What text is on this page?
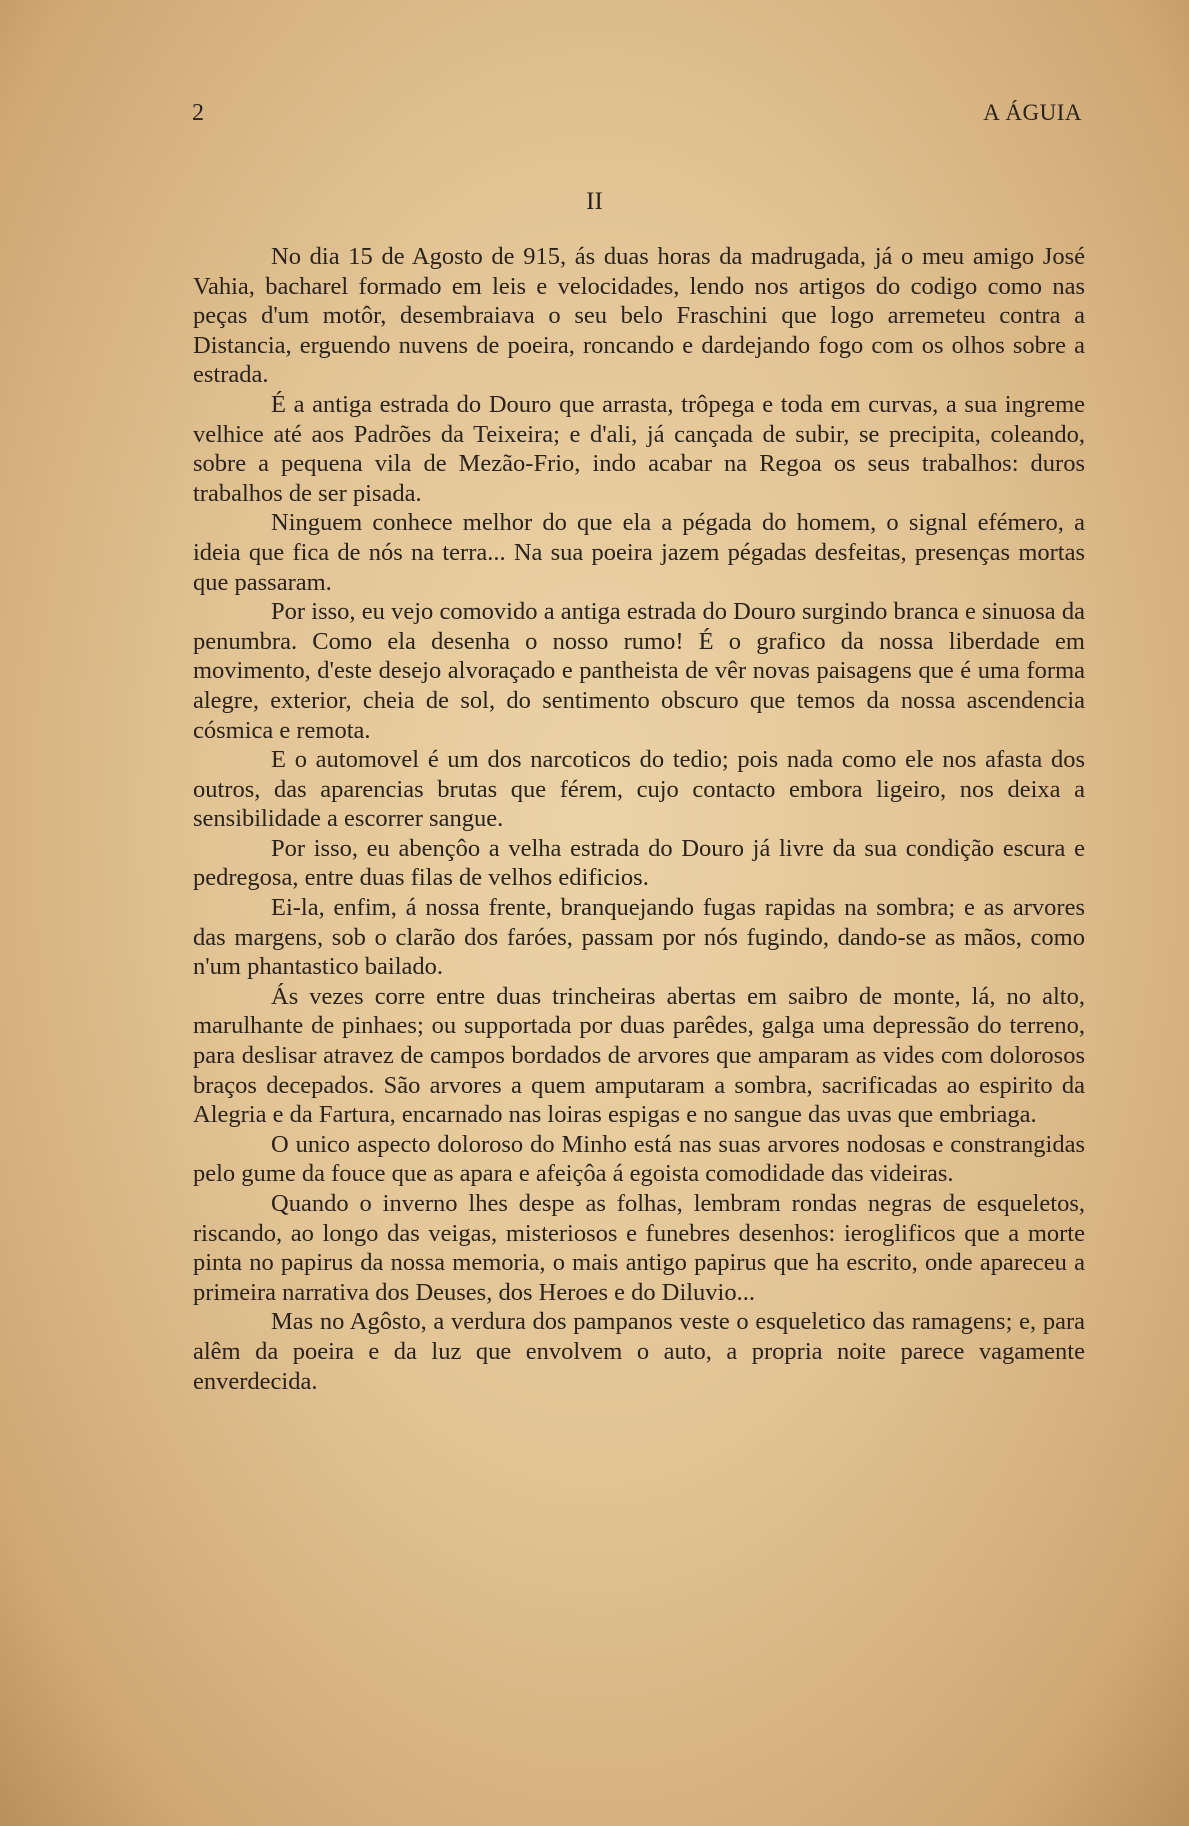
2	A ÁGUIA
II

No dia 15 de Agosto de 915, ás duas horas da madrugada, já o meu amigo José Vahia, bacharel formado em leis e velocidades, lendo nos artigos do codigo como nas peças d'um motôr, desembraiava o seu belo Fraschini que logo arremeteu contra a Distancia, erguendo nuvens de poeira, roncando e dardejando fogo com os olhos sobre a estrada.

É a antiga estrada do Douro que arrasta, trôpega e toda em curvas, a sua ingreme velhice até aos Padrões da Teixeira; e d'ali, já cançada de subir, se precipita, coleando, sobre a pequena vila de Mezão-Frio, indo acabar na Regoa os seus trabalhos: duros trabalhos de ser pisada.

Ninguem conhece melhor do que ela a pégada do homem, o signal efémero, a ideia que fica de nós na terra... Na sua poeira jazem pégadas desfeitas, presenças mortas que passaram.

Por isso, eu vejo comovido a antiga estrada do Douro surgindo branca e sinuosa da penumbra. Como ela desenha o nosso rumo! É o grafico da nossa liberdade em movimento, d'este desejo alvoraçado e pantheista de vêr novas paisagens que é uma forma alegre, exterior, cheia de sol, do sentimento obscuro que temos da nossa ascendencia cósmica e remota.

E o automovel é um dos narcoticos do tedio; pois nada como ele nos afasta dos outros, das aparencias brutas que férem, cujo contacto embora ligeiro, nos deixa a sensibilidade a escorrer sangue.

Por isso, eu abençôo a velha estrada do Douro já livre da sua condição escura e pedregosa, entre duas filas de velhos edificios.

Ei-la, enfim, á nossa frente, branquejando fugas rapidas na sombra; e as arvores das margens, sob o clarão dos faróes, passam por nós fugindo, dando-se as mãos, como n'um phantastico bailado.

Ás vezes corre entre duas trincheiras abertas em saibro de monte, lá, no alto, marulhante de pinhaes; ou supportada por duas parêdes, galga uma depressão do terreno, para deslisar atravez de campos bordados de arvores que amparam as vides com dolorosos braços decepados. São arvores a quem amputaram a sombra, sacrificadas ao espirito da Alegria e da Fartura, encarnado nas loiras espigas e no sangue das uvas que embriaga.

O unico aspecto doloroso do Minho está nas suas arvores nodosas e constrangidas pelo gume da fouce que as apara e afeiçôa á egoista comodidade das videiras.

Quando o inverno lhes despe as folhas, lembram rondas negras de esqueletos, riscando, ao longo das veigas, misteriosos e funebres desenhos: ieroglificos que a morte pinta no papirus da nossa memoria, o mais antigo papirus que ha escrito, onde apareceu a primeira narrativa dos Deuses, dos Heroes e do Diluvio...

Mas no Agôsto, a verdura dos pampanos veste o esqueletico das ramagens; e, para alêm da poeira e da luz que envolvem o auto, a propria noite parece vagamente enverdecida.
